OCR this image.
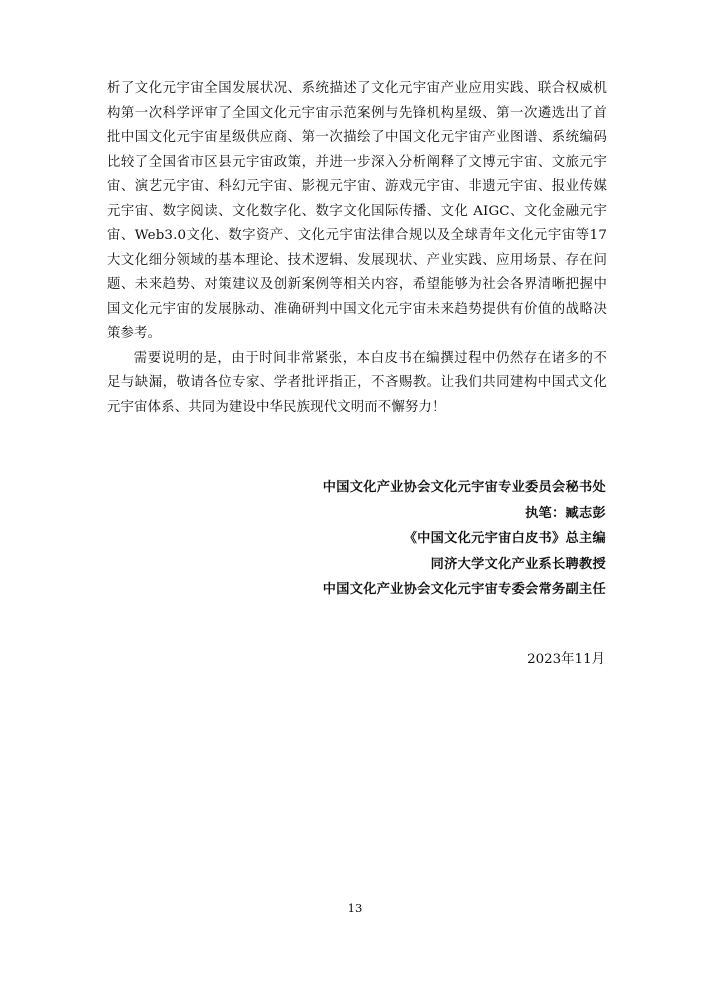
析了文化元宇宙全国发展状况、系统描述了文化元宇宙产业应用实践、联合权威机构第一次科学评审了全国文化元宇宙示范案例与先锋机构星级、第一次遴选出了首批中国文化元宇宙星级供应商、第一次描绘了中国文化元宇宙产业图谱、系统编码比较了全国省市区县元宇宙政策，并进一步深入分析阐释了文博元宇宙、文旅元宇宙、演艺元宇宙、科幻元宇宙、影视元宇宙、游戏元宇宙、非遗元宇宙、报业传媒元宇宙、数字阅读、文化数字化、数字文化国际传播、文化 AIGC、文化金融元宇宙、Web3.0文化、数字资产、文化元宇宙法律合规以及全球青年文化元宇宙等17大文化细分领域的基本理论、技术逻辑、发展现状、产业实践、应用场景、存在问题、未来趋势、对策建议及创新案例等相关内容，希望能够为社会各界清晰把握中国文化元宇宙的发展脉动、准确研判中国文化元宇宙未来趋势提供有价值的战略决策参考。

需要说明的是，由于时间非常紧张，本白皮书在编撰过程中仍然存在诸多的不足与缺漏，敬请各位专家、学者批评指正，不吝赐教。让我们共同建构中国式文化元宇宙体系、共同为建设中华民族现代文明而不懈努力！

中国文化产业协会文化元宇宙专业委员会秘书处
执笔：臧志彭
《中国文化元宇宙白皮书》总主编
同济大学文化产业系长聘教授
中国文化产业协会文化元宇宙专委会常务副主任
2023年11月
13
